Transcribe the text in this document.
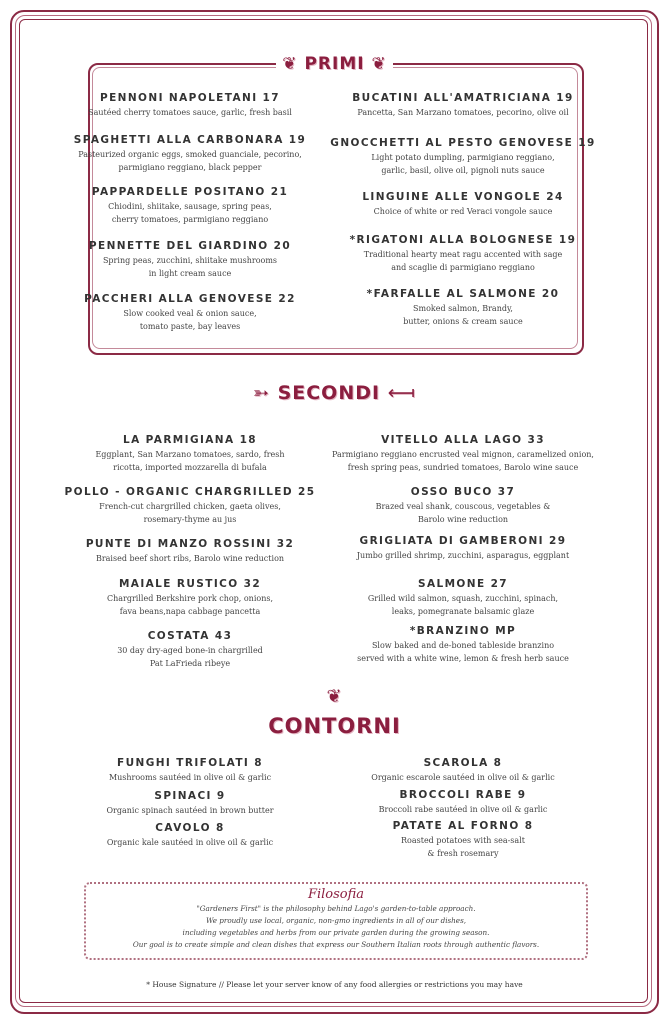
❦ PRIMI ❦
➳ SECONDI ⟻
❦
CONTORNI
PENNONI NAPOLETANI 17

Sautéed cherry tomatoes sauce, garlic, fresh basil

SPAGHETTI ALLA CARBONARA 19

Pasteurized organic eggs, smoked guanciale, pecorino,
parmigiano reggiano, black pepper

PAPPARDELLE POSITANO 21

Chiodini, shiitake, sausage, spring peas,
cherry tomatoes, parmigiano reggiano

PENNETTE DEL GIARDINO 20

Spring peas, zucchini, shiitake mushrooms
in light cream sauce

PACCHERI ALLA GENOVESE 22

Slow cooked veal & onion sauce,
tomato paste, bay leaves

BUCATINI ALL'AMATRICIANA 19

Pancetta, San Marzano tomatoes, pecorino, olive oil

GNOCCHETTI AL PESTO GENOVESE 19

Light potato dumpling, parmigiano reggiano,
garlic, basil, olive oil, pignoli nuts sauce

LINGUINE ALLE VONGOLE 24

Choice of white or red Veraci vongole sauce

*RIGATONI ALLA BOLOGNESE 19

Traditional hearty meat ragu accented with sage
and scaglie di parmigiano reggiano

*FARFALLE AL SALMONE 20

Smoked salmon, Brandy,
butter, onions & cream sauce

LA PARMIGIANA 18

Eggplant, San Marzano tomatoes, sardo, fresh
ricotta, imported mozzarella di bufala

POLLO - ORGANIC CHARGRILLED 25

French-cut chargrilled chicken, gaeta olives,
rosemary-thyme au jus

PUNTE DI MANZO ROSSINI 32

Braised beef short ribs, Barolo wine reduction

MAIALE RUSTICO 32

Chargrilled Berkshire pork chop, onions,
fava beans,napa cabbage pancetta

COSTATA 43

30 day dry-aged bone-in chargrilled
Pat LaFrieda ribeye

VITELLO ALLA LAGO 33

Parmigiano reggiano encrusted veal mignon, caramelized onion,
fresh spring peas, sundried tomatoes, Barolo wine sauce

OSSO BUCO 37

Brazed veal shank, couscous, vegetables &
Barolo wine reduction

GRIGLIATA DI GAMBERONI 29

Jumbo grilled shrimp, zucchini, asparagus, eggplant

SALMONE 27

Grilled wild salmon, squash, zucchini, spinach,
leaks, pomegranate balsamic glaze

*BRANZINO MP

Slow baked and de-boned tableside branzino
served with a white wine, lemon & fresh herb sauce

FUNGHI TRIFOLATI 8

Mushrooms sautéed in olive oil & garlic

SPINACI 9

Organic spinach sautéed in brown butter

CAVOLO 8

Organic kale sautéed in olive oil & garlic

SCAROLA 8

Organic escarole sautéed in olive oil & garlic

BROCCOLI RABE 9

Broccoli rabe sautéed in olive oil & garlic

PATATE AL FORNO 8

Roasted potatoes with sea-salt
& fresh rosemary

Filosofia

"Gardeners First" is the philosophy behind Lago's garden-to-table approach.

We proudly use local, organic, non-gmo ingredients in all of our dishes,

including vegetables and herbs from our private garden during the growing season.

Our goal is to create simple and clean dishes that express our Southern Italian roots through authentic flavors.

* House Signature // Please let your server know of any food allergies or restrictions you may have
